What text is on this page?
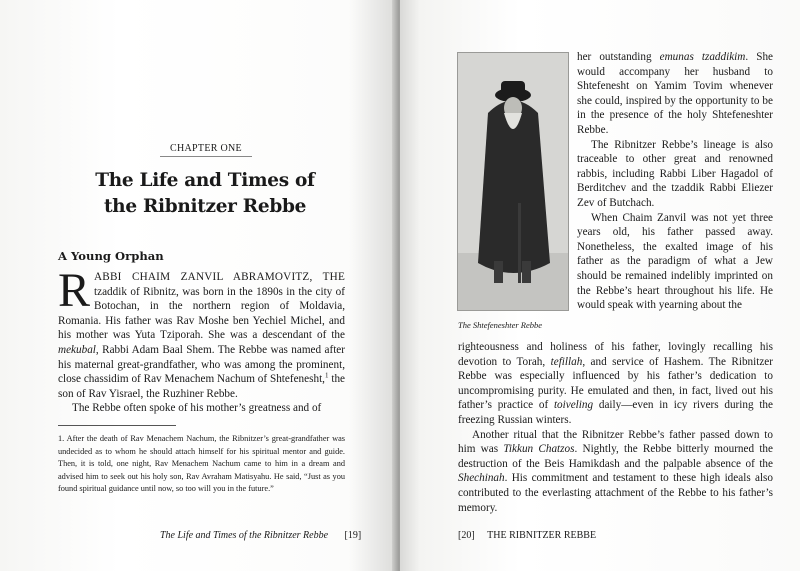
CHAPTER ONE
The Life and Times of
the Ribnitzer Rebbe
A Young Orphan

RABBI CHAIM ZANVIL ABRAMOVITZ, THE tzaddik of Ribnitz, was born in the 1890s in the city of Botochan, in the northern region of Moldavia, Romania. His father was Rav Moshe ben Yechiel Michel, and his mother was Yuta Tziporah. She was a descendant of the mekubal, Rabbi Adam Baal Shem. The Rebbe was named after his maternal great-grandfather, who was among the prominent, close chassidim of Rav Menachem Nachum of Shtefenesht,$^1$ the son of Rav Yisrael, the Ruzhiner Rebbe.

The Rebbe often spoke of his mother’s greatness and of

1. After the death of Rav Menachem Nachum, the Ribnitzer’s great-grandfather was undecided as to whom he should attach himself for his spiritual mentor and guide. Then, it is told, one night, Rav Menachem Nachum came to him in a dream and advised him to seek out his holy son, Rav Avraham Matisyahu. He said, “Just as you found spiritual guidance until now, so too will you in the future.”
The Life and Times of the Ribnitzer Rebbe [19]
The Shtefeneshter Rebbe

her outstanding emunas tzaddikim. She would accompany her husband to Shtefenesht on Yamim Tovim whenever she could, inspired by the opportunity to be in the presence of the holy Shtefeneshter Rebbe.

The Ribnitzer Rebbe’s lineage is also traceable to other great and renowned rabbis, including Rabbi Liber Hagadol of Berditchev and the tzaddik Rabbi Eliezer Zev of Butchach.

When Chaim Zanvil was not yet three years old, his father passed away. Nonetheless, the exalted image of his father as the paradigm of what a Jew should be remained indelibly imprinted on the Rebbe’s heart throughout his life. He would speak with yearning about the

righteousness and holiness of his father, lovingly recalling his devotion to Torah, tefillah, and service of Hashem. The Ribnitzer Rebbe was especially influenced by his father’s dedication to uncompromising purity. He emulated and then, in fact, lived out his father’s practice of toiveling daily—even in icy rivers during the freezing Russian winters.

Another ritual that the Ribnitzer Rebbe’s father passed down to him was Tikkun Chatzos. Nightly, the Rebbe bitterly mourned the destruction of the Beis Hamikdash and the palpable absence of the Shechinah. His commitment and testament to these high ideals also contributed to the everlasting attachment of the Rebbe to his father’s memory.

[20] THE RIBNITZER REBBE
